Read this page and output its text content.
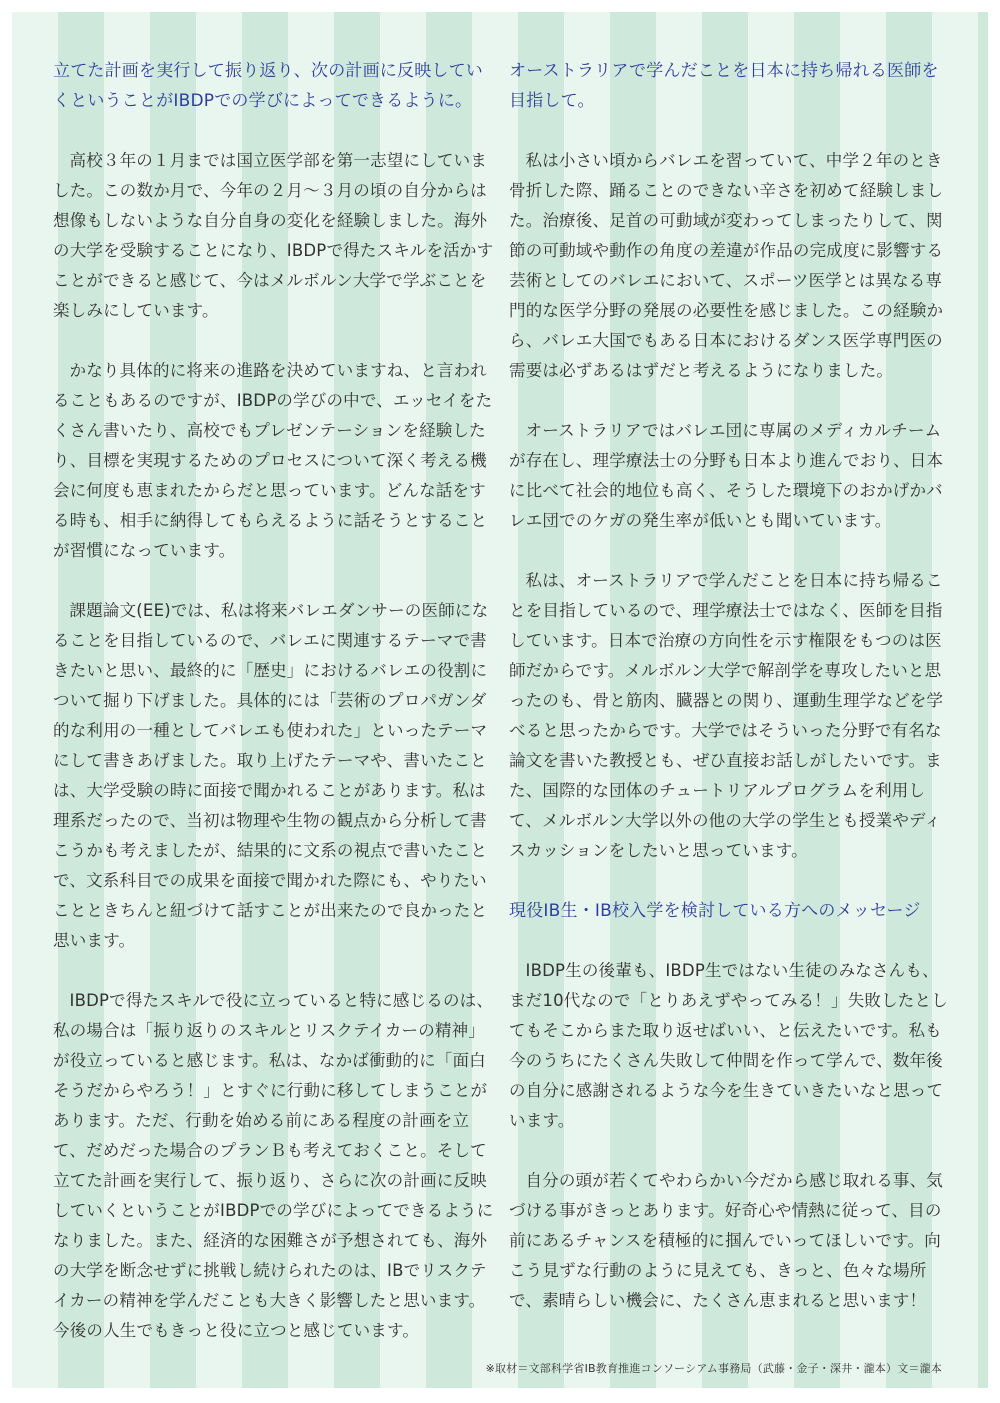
立てた計画を実行して振り返り、次の計画に反映していくということがIBDPでの学びによってできるように。

高校３年の１月までは国立医学部を第一志望にしていました。この数か月で、今年の２月～３月の頃の自分からは想像もしないような自分自身の変化を経験しました。海外の大学を受験することになり、IBDPで得たスキルを活かすことができると感じて、今はメルボルン大学で学ぶことを楽しみにしています。

かなり具体的に将来の進路を決めていますね、と言われることもあるのですが、IBDPの学びの中で、エッセイをたくさん書いたり、高校でもプレゼンテーションを経験したり、目標を実現するためのプロセスについて深く考える機会に何度も恵まれたからだと思っています。どんな話をする時も、相手に納得してもらえるように話そうとすることが習慣になっています。

課題論文(EE)では、私は将来バレエダンサーの医師になることを目指しているので、バレエに関連するテーマで書きたいと思い、最終的に「歴史」におけるバレエの役割について掘り下げました。具体的には「芸術のプロパガンダ的な利用の一種としてバレエも使われた」といったテーマにして書きあげました。取り上げたテーマや、書いたことは、大学受験の時に面接で聞かれることがあります。私は理系だったので、当初は物理や生物の観点から分析して書こうかも考えましたが、結果的に文系の視点で書いたことで、文系科目での成果を面接で聞かれた際にも、やりたいことときちんと紐づけて話すことが出来たので良かったと思います。

IBDPで得たスキルで役に立っていると特に感じるのは、私の場合は「振り返りのスキルとリスクテイカーの精神」が役立っていると感じます。私は、なかば衝動的に「面白そうだからやろう！」とすぐに行動に移してしまうことがあります。ただ、行動を始める前にある程度の計画を立て、だめだった場合のプランＢも考えておくこと。そして立てた計画を実行して、振り返り、さらに次の計画に反映していくということがIBDPでの学びによってできるようになりました。また、経済的な困難さが予想されても、海外の大学を断念せずに挑戦し続けられたのは、IBでリスクテイカーの精神を学んだことも大きく影響したと思います。今後の人生でもきっと役に立つと感じています。

オーストラリアで学んだことを日本に持ち帰れる医師を目指して。

私は小さい頃からバレエを習っていて、中学２年のとき骨折した際、踊ることのできない辛さを初めて経験しました。治療後、足首の可動域が変わってしまったりして、関節の可動域や動作の角度の差違が作品の完成度に影響する芸術としてのバレエにおいて、スポーツ医学とは異なる専門的な医学分野の発展の必要性を感じました。この経験から、バレエ大国でもある日本におけるダンス医学専門医の需要は必ずあるはずだと考えるようになりました。

オーストラリアではバレエ団に専属のメディカルチームが存在し、理学療法士の分野も日本より進んでおり、日本に比べて社会的地位も高く、そうした環境下のおかげかバレエ団でのケガの発生率が低いとも聞いています。

私は、オーストラリアで学んだことを日本に持ち帰ることを目指しているので、理学療法士ではなく、医師を目指しています。日本で治療の方向性を示す権限をもつのは医師だからです。メルボルン大学で解剖学を専攻したいと思ったのも、骨と筋肉、臓器との関り、運動生理学などを学べると思ったからです。大学ではそういった分野で有名な論文を書いた教授とも、ぜひ直接お話しがしたいです。また、国際的な団体のチュートリアルプログラムを利用して、メルボルン大学以外の他の大学の学生とも授業やディスカッションをしたいと思っています。

現役IB生・IB校入学を検討している方へのメッセージ

IBDP生の後輩も、IBDP生ではない生徒のみなさんも、まだ10代なので「とりあえずやってみる！」失敗したとしてもそこからまた取り返せばいい、と伝えたいです。私も今のうちにたくさん失敗して仲間を作って学んで、数年後の自分に感謝されるような今を生きていきたいなと思っています。

自分の頭が若くてやわらかい今だから感じ取れる事、気づける事がきっとあります。好奇心や情熱に従って、目の前にあるチャンスを積極的に掴んでいってほしいです。向こう見ずな行動のように見えても、きっと、色々な場所で、素晴らしい機会に、たくさん恵まれると思います！

※取材＝文部科学省IB教育推進コンソーシアム事務局（武藤・金子・深井・瀧本）文＝瀧本
